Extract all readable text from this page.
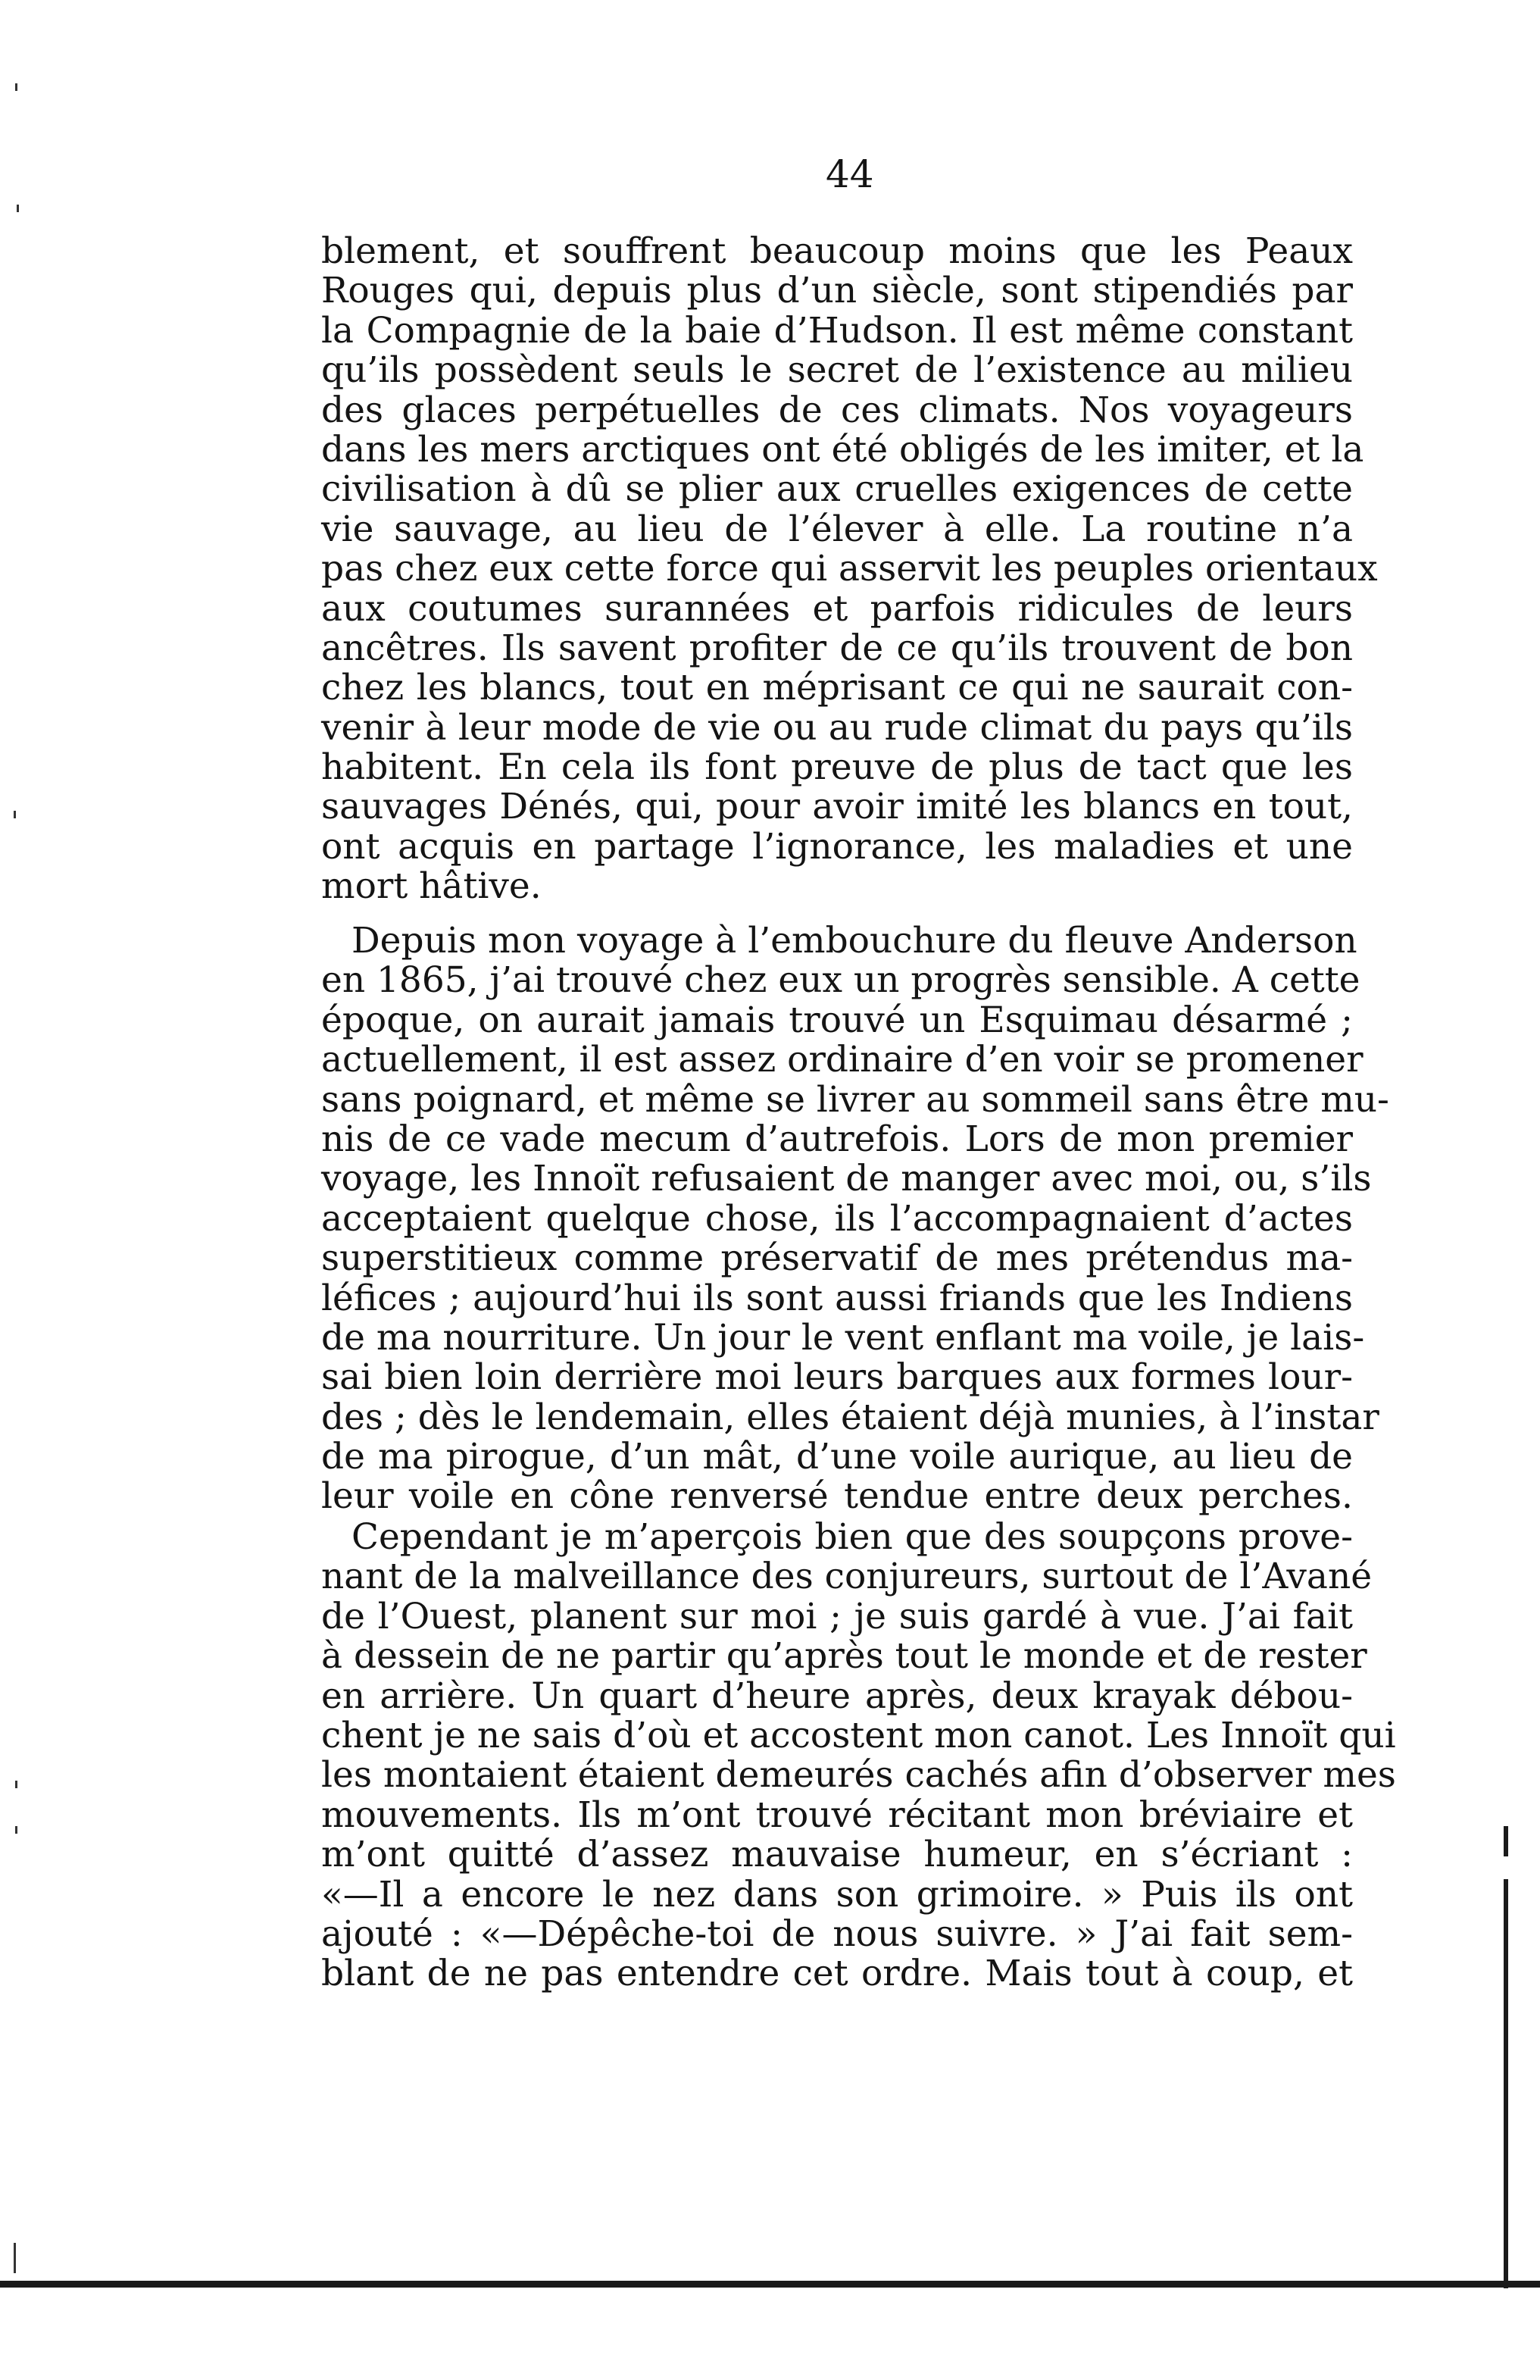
44
blement, et souffrent beaucoup moins que les Peaux
Rouges qui, depuis plus d’un siècle, sont stipendiés par
la Compagnie de la baie d’Hudson. Il est même constant
qu’ils possèdent seuls le secret de l’existence au milieu
des glaces perpétuelles de ces climats. Nos voyageurs
dans les mers arctiques ont été obligés de les imiter, et la
civilisation à dû se plier aux cruelles exigences de cette
vie sauvage, au lieu de l’élever à elle. La routine n’a
pas chez eux cette force qui asservit les peuples orientaux
aux coutumes surannées et parfois ridicules de leurs
ancêtres. Ils savent profiter de ce qu’ils trouvent de bon
chez les blancs, tout en méprisant ce qui ne saurait con-
venir à leur mode de vie ou au rude climat du pays qu’ils
habitent. En cela ils font preuve de plus de tact que les
sauvages Dénés, qui, pour avoir imité les blancs en tout,
ont acquis en partage l’ignorance, les maladies et une
mort hâtive.
Depuis mon voyage à l’embouchure du fleuve Anderson
en 1865, j’ai trouvé chez eux un progrès sensible. A cette
époque, on aurait jamais trouvé un Esquimau désarmé ;
actuellement, il est assez ordinaire d’en voir se promener
sans poignard, et même se livrer au sommeil sans être mu-
nis de ce vade mecum d’autrefois. Lors de mon premier
voyage, les Innoït refusaient de manger avec moi, ou, s’ils
acceptaient quelque chose, ils l’accompagnaient d’actes
superstitieux comme préservatif de mes prétendus ma-
léfices ; aujourd’hui ils sont aussi friands que les Indiens
de ma nourriture. Un jour le vent enflant ma voile, je lais-
sai bien loin derrière moi leurs barques aux formes lour-
des ; dès le lendemain, elles étaient déjà munies, à l’instar
de ma pirogue, d’un mât, d’une voile aurique, au lieu de
leur voile en cône renversé tendue entre deux perches.
Cependant je m’aperçois bien que des soupçons prove-
nant de la malveillance des conjureurs, surtout de l’Avané
de l’Ouest, planent sur moi ; je suis gardé à vue. J’ai fait
à dessein de ne partir qu’après tout le monde et de rester
en arrière. Un quart d’heure après, deux krayak débou-
chent je ne sais d’où et accostent mon canot. Les Innoït qui
les montaient étaient demeurés cachés afin d’observer mes
mouvements. Ils m’ont trouvé récitant mon bréviaire et
m’ont quitté d’assez mauvaise humeur, en s’écriant :
«—Il a encore le nez dans son grimoire. » Puis ils ont
ajouté : «—Dépêche-toi de nous suivre. » J’ai fait sem-
blant de ne pas entendre cet ordre. Mais tout à coup, et
